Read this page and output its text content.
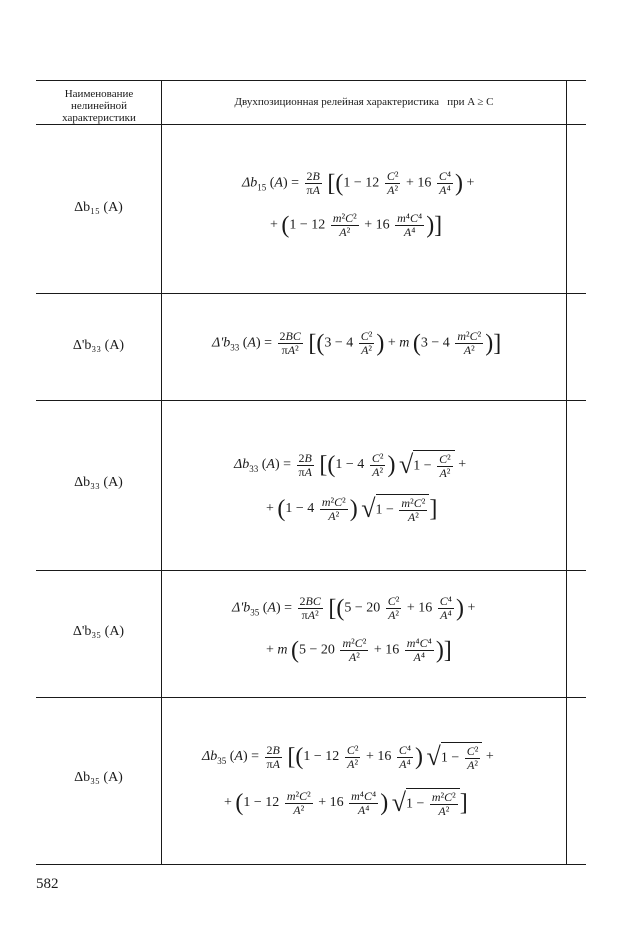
Наименование нелинейной характеристики
Двухпозиционная релейная характеристика   при A ≥ C
Δb₁₅ (A)
$\Delta b_{15}$ $(A) = \frac{2B}{\pi A} [(1 - 12 \frac{\text{C²}}{\text{A²}} + 16 \frac{\text{C⁴}}{\text{A⁴}}$ ) +
+ ($1 - 12 \frac{\text{m²C²}}{\text{A²}} + 16 \frac{\text{m⁴C⁴}}{\text{A⁴}}$ )]
Δ'b₃₃ (A)	$\Delta'b_{33}$ $(A) = \frac{2BC}{\text{πA²}} [(3 - 4 \frac{\text{C²}}{\text{A²}}$ ) + m ($3 - 4 \frac{\text{m²C²}}{\text{A²}}$ )]
Δb₃₃ (A)
$\Delta b_{33}$ $(A) = \frac{2B}{\pi A} [(1 - 4 \frac{\text{C²}}{\text{A²}}$ ) $√1 - \frac{\text{C²}}{\text{A²}}$ +
+ ($1 - 4 \frac{\text{m²C²}}{\text{A²}}$ ) $√1 - \frac{\text{m²C²}}{\text{A²}}$ ]
Δ'b₃₅ (A)
$\Delta'b_{35}$ $(A) = \frac{2BC}{\text{πA²}} [(5 - 20 \frac{\text{C²}}{\text{A²}} + 16 \frac{\text{C⁴}}{\text{A⁴}}$ ) +
+ m ($5 - 20 \frac{\text{m²C²}}{\text{A²}} + 16 \frac{\text{m⁴C⁴}}{\text{A⁴}}$ )]
Δb₃₅ (A)
$\Delta b_{35}$ $(A) = \frac{2B}{\pi A} [(1 - 12 \frac{\text{C²}}{\text{A²}} + 16 \frac{\text{C⁴}}{\text{A⁴}}$ ) $√1 - \frac{\text{C²}}{\text{A²}}$ +
+ ($1 - 12 \frac{\text{m²C²}}{\text{A²}} + 16 \frac{\text{m⁴C⁴}}{\text{A⁴}}$ ) $√1 - \frac{\text{m²C²}}{\text{A²}}$ ]
582
